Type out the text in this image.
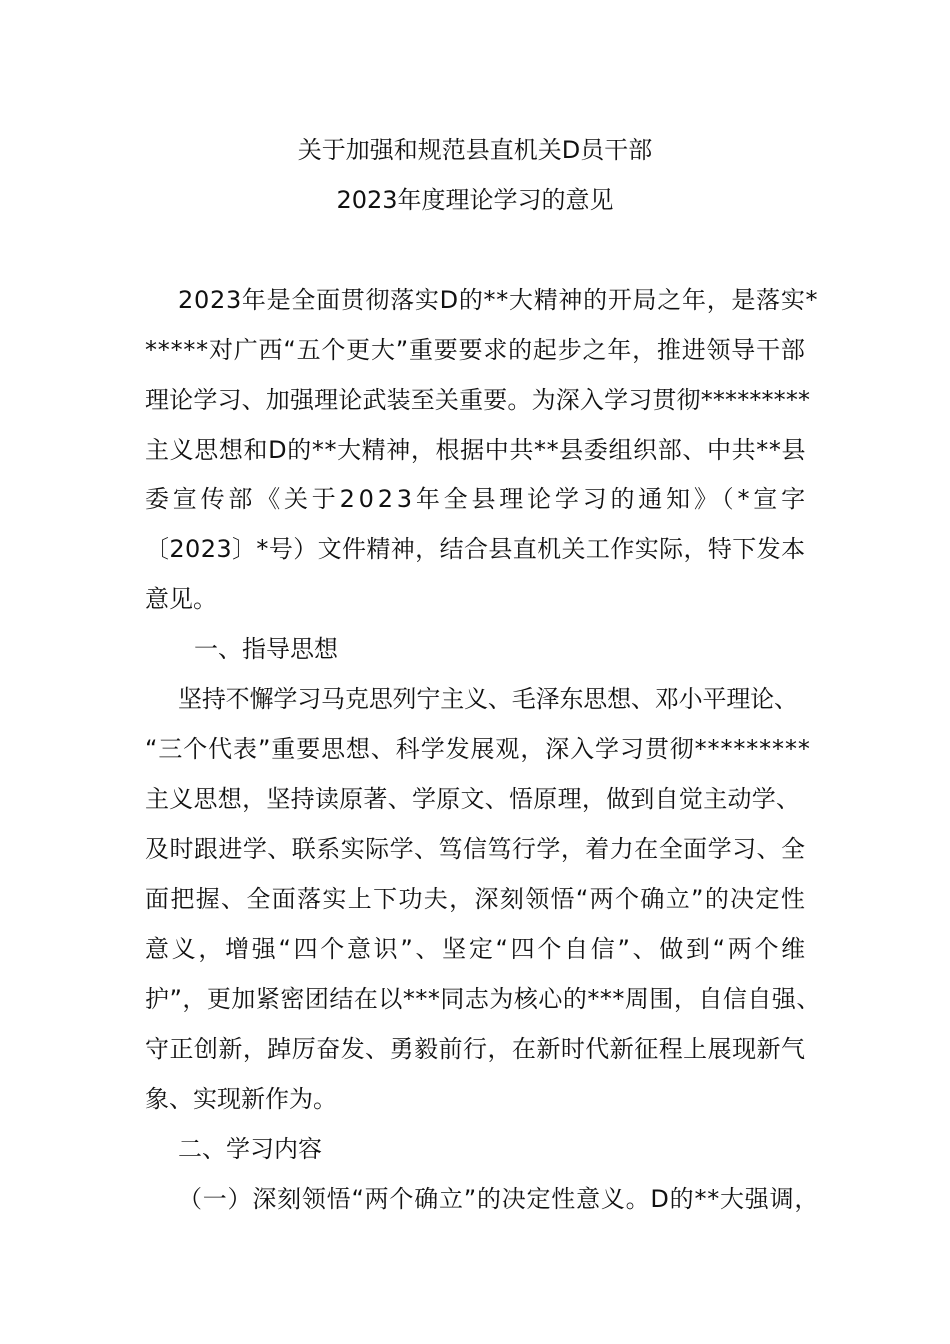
关于加强和规范县直机关D员干部
2023年度理论学习的意见
2023年是全面贯彻落实D的**大精神的开局之年，是落实*
*****对广西“五个更大”重要要求的起步之年，推进领导干部
理论学习、加强理论武装至关重要。为深入学习贯彻*********
主义思想和D的**大精神，根据中共**县委组织部、中共**县
委宣传部《关于2023年全县理论学习的通知》（*宣字
〔2023〕*号）文件精神，结合县直机关工作实际，特下发本
意见。
一、指导思想
坚持不懈学习马克思列宁主义、毛泽东思想、邓小平理论、
“三个代表”重要思想、科学发展观，深入学习贯彻*********
主义思想，坚持读原著、学原文、悟原理，做到自觉主动学、
及时跟进学、联系实际学、笃信笃行学，着力在全面学习、全
面把握、全面落实上下功夫，深刻领悟“两个确立”的决定性
意义，增强“四个意识”、坚定“四个自信”、做到“两个维
护”，更加紧密团结在以***同志为核心的***周围，自信自强、
守正创新，踔厉奋发、勇毅前行，在新时代新征程上展现新气
象、实现新作为。
二、学习内容
（一）深刻领悟“两个确立”的决定性意义。D的**大强调，
